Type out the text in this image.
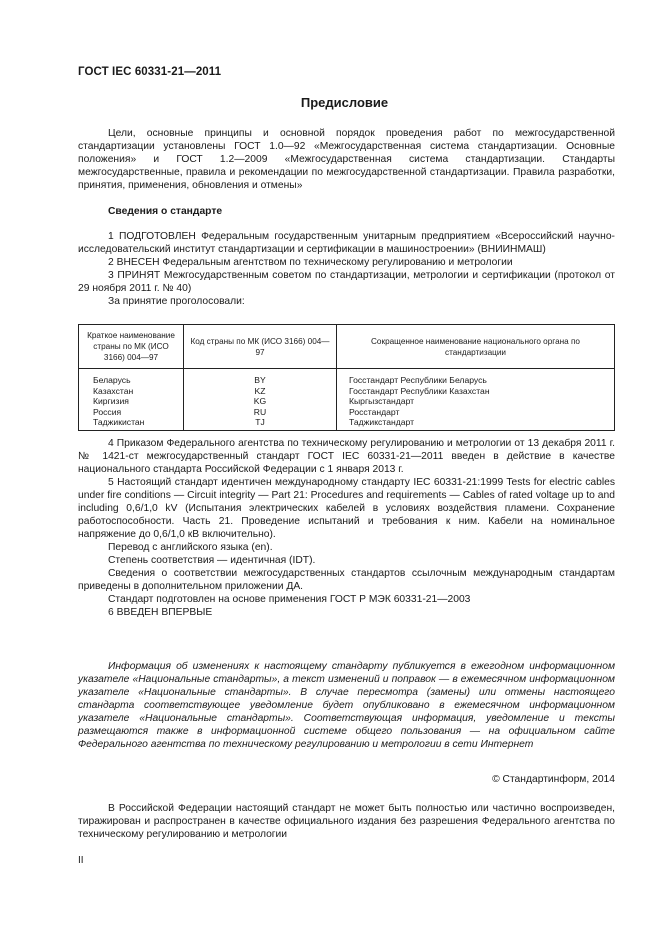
ГОСТ IEC 60331-21—2011
Предисловие

Цели, основные принципы и основной порядок проведения работ по межгосударственной стандартизации установлены ГОСТ 1.0—92 «Межгосударственная система стандартизации. Основные положения» и ГОСТ 1.2—2009 «Межгосударственная система стандартизации. Стандарты межгосударственные, правила и рекомендации по межгосударственной стандартизации. Правила разработки, принятия, применения, обновления и отмены»

Сведения о стандарте

1 ПОДГОТОВЛЕН Федеральным государственным унитарным предприятием «Всероссийский научно-исследовательский институт стандартизации и сертификации в машиностроении» (ВНИИНМАШ)

2 ВНЕСЕН Федеральным агентством по техническому регулированию и метрологии

3 ПРИНЯТ Межгосударственным советом по стандартизации, метрологии и сертификации (протокол от 29 ноября 2011 г. № 40)

За принятие проголосовали:

Краткое наименование страны по МК (ИСО 3166) 004—97	Код страны по МК (ИСО 3166) 004—97	Сокращенное наименование национального органа по стандартизации
Беларусь	BY	Госстандарт Республики Беларусь
Казахстан	KZ	Госстандарт Республики Казахстан
Киргизия	KG	Кыргызстандарт
Россия	RU	Росстандарт
Таджикистан	TJ	Таджикстандарт

4 Приказом Федерального агентства по техническому регулированию и метрологии от 13 декабря 2011 г. № 1421-ст межгосударственный стандарт ГОСТ IEC 60331-21—2011 введен в действие в качестве национального стандарта Российской Федерации с 1 января 2013 г.

5 Настоящий стандарт идентичен международному стандарту IEC 60331-21:1999 Tests for electric cables under fire conditions — Circuit integrity — Part 21: Procedures and requirements — Cables of rated voltage up to and including 0,6/1,0 kV (Испытания электрических кабелей в условиях воздействия пламени. Сохранение работоспособности. Часть 21. Проведение испытаний и требования к ним. Кабели на номинальное напряжение до 0,6/1,0 кВ включительно).

Перевод с английского языка (en).

Степень соответствия — идентичная (IDT).

Сведения о соответствии межгосударственных стандартов ссылочным международным стандартам приведены в дополнительном приложении ДА.

Стандарт подготовлен на основе применения ГОСТ Р МЭК 60331-21—2003

6 ВВЕДЕН ВПЕРВЫЕ

Информация об изменениях к настоящему стандарту публикуется в ежегодном информационном указателе «Национальные стандарты», а текст изменений и поправок — в ежемесячном информационном указателе «Национальные стандарты». В случае пересмотра (замены) или отмены настоящего стандарта соответствующее уведомление будет опубликовано в ежемесячном информационном указателе «Национальные стандарты». Соответствующая информация, уведомление и тексты размещаются также в информационной системе общего пользования — на официальном сайте Федерального агентства по техническому регулированию и метрологии в сети Интернет

© Стандартинформ, 2014

В Российской Федерации настоящий стандарт не может быть полностью или частично воспроизведен, тиражирован и распространен в качестве официального издания без разрешения Федерального агентства по техническому регулированию и метрологии

II
